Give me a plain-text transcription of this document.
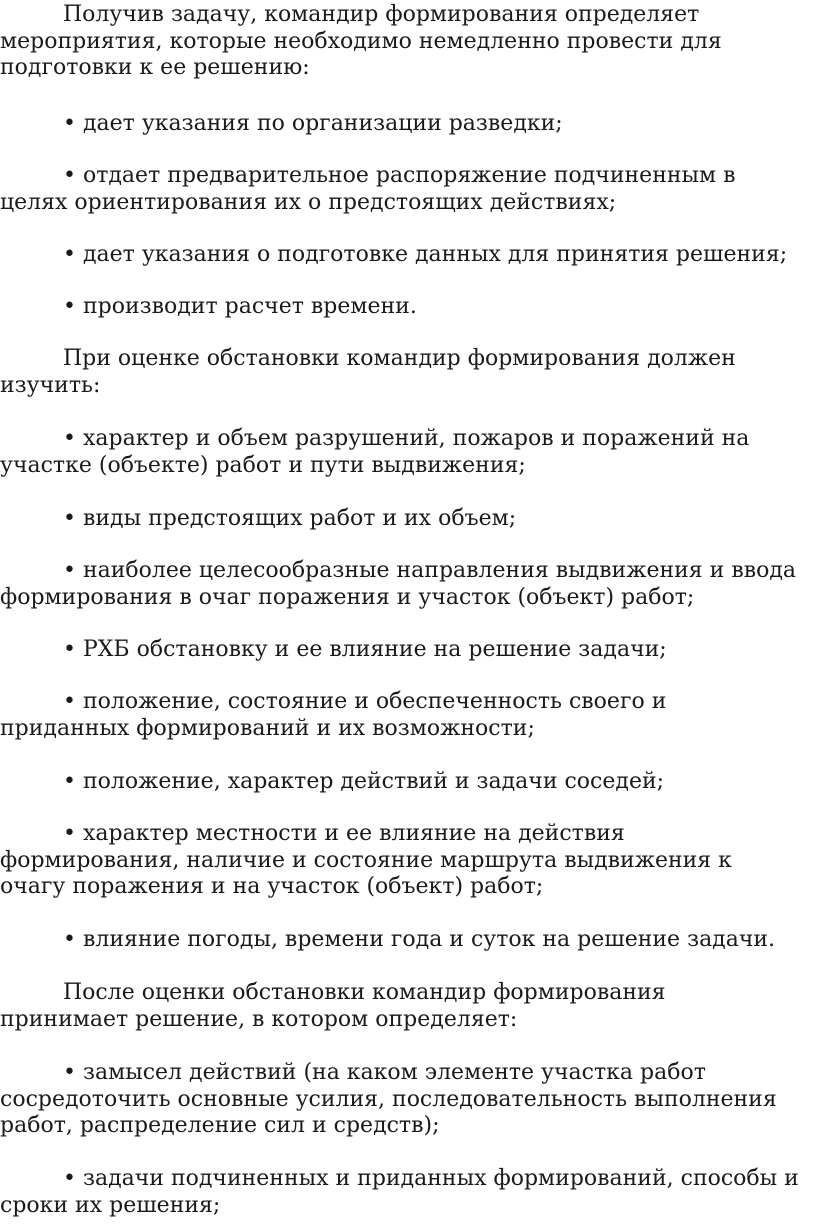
Получив задачу, командир формирования определяет мероприятия, которые необходимо немедленно провести для подготовки к ее решению:

• дает указания по организации разведки;

• отдает предварительное распоряжение подчиненным в целях ориентирования их о предстоящих действиях;

• дает указания о подготовке данных для принятия решения;

• производит расчет времени.

При оценке обстановки командир формирования должен изучить:

• характер и объем разрушений, пожаров и поражений на участке (объекте) работ и пути выдвижения;

• виды предстоящих работ и их объем;

• наиболее целесообразные направления выдвижения и ввода формирования в очаг поражения и участок (объект) работ;

• РХБ обстановку и ее влияние на решение задачи;

• положение, состояние и обеспеченность своего и приданных формирований и их возможности;

• положение, характер действий и задачи соседей;

• характер местности и ее влияние на действия формирования, наличие и состояние маршрута выдвижения к очагу поражения и на участок (объект) работ;

• влияние погоды, времени года и суток на решение задачи.

После оценки обстановки командир формирования принимает решение, в котором определяет:

• замысел действий (на каком элементе участка работ сосредоточить основные усилия, последовательность выполнения работ, распределение сил и средств);

• задачи подчиненных и приданных формирований, способы и сроки их решения;
